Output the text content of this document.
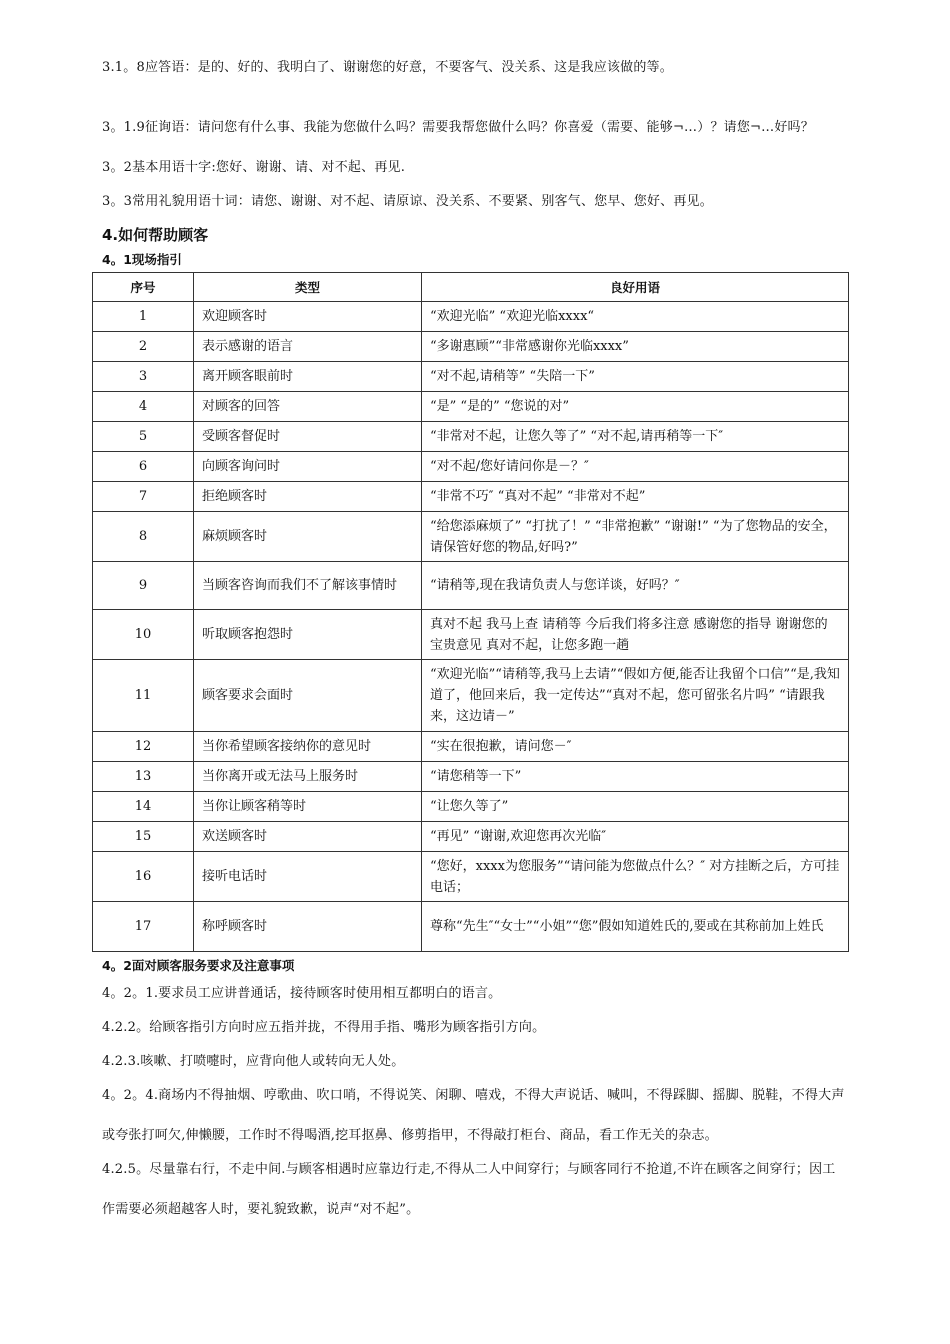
3.1。8应答语：是的、好的、我明白了、谢谢您的好意，不要客气、没关系、这是我应该做的等。
3。1.9征询语：请问您有什么事、我能为您做什么吗？需要我帮您做什么吗？你喜爱（需要、能够¬…）？请您¬…好吗？
3。2基本用语十字:您好、谢谢、请、对不起、再见.
3。3常用礼貌用语十词：请您、谢谢、对不起、请原谅、没关系、不要紧、别客气、您早、您好、再见。
4.如何帮助顾客
4。1现场指引
序号	类型	良好用语
1	欢迎顾客时	“欢迎光临” “欢迎光临xxxx“
2	表示感谢的语言	“多谢惠顾”“非常感谢你光临xxxx”
3	离开顾客眼前时	“对不起,请稍等” “失陪一下”
4	对顾客的回答	“是” “是的” “您说的对”
5	受顾客督促时	“非常对不起，让您久等了” “对不起,请再稍等一下″
6	向顾客询问时	“对不起/您好请问你是－？″
7	拒绝顾客时	“非常不巧″ “真对不起” “非常对不起”
8	麻烦顾客时	“给您添麻烦了” “打扰了！” “非常抱歉” “谢谢!” “为了您物品的安全，请保管好您的物品,好吗?”
9	当顾客咨询而我们不了解该事情时	“请稍等,现在我请负责人与您详谈，好吗？″
10	听取顾客抱怨时	真对不起 我马上查 请稍等 今后我们将多注意 感谢您的指导 谢谢您的宝贵意见 真对不起，让您多跑一趟
11	顾客要求会面时	“欢迎光临”“请稍等,我马上去请”“假如方便,能否让我留个口信”“是,我知道了，他回来后，我一定传达”“真对不起，您可留张名片吗” “请跟我来，这边请－”
12	当你希望顾客接纳你的意见时	“实在很抱歉，请问您－″
13	当你离开或无法马上服务时	“请您稍等一下”
14	当你让顾客稍等时	“让您久等了”
15	欢送顾客时	“再见” “谢谢,欢迎您再次光临″
16	接听电话时	“您好，xxxx为您服务”“请问能为您做点什么？″ 对方挂断之后，方可挂电话；
17	称呼顾客时	尊称“先生″“女士”“小姐”“您”假如知道姓氏的,要或在其称前加上姓氏
4。2面对顾客服务要求及注意事项
4。2。1.要求员工应讲普通话，接待顾客时使用相互都明白的语言。
4.2.2。给顾客指引方向时应五指并拢，不得用手指、嘴形为顾客指引方向。
4.2.3.咳嗽、打喷嚏时，应背向他人或转向无人处。
4。2。4.商场内不得抽烟、哼歌曲、吹口哨，不得说笑、闲聊、嘻戏，不得大声说话、喊叫，不得踩脚、摇脚、脱鞋，不得大声或夸张打呵欠,伸懒腰，工作时不得喝酒,挖耳抠鼻、修剪指甲，不得敲打柜台、商品，看工作无关的杂志。
4.2.5。尽量靠右行，不走中间.与顾客相遇时应靠边行走,不得从二人中间穿行；与顾客同行不抢道,不许在顾客之间穿行；因工作需要必须超越客人时，要礼貌致歉，说声“对不起”。
